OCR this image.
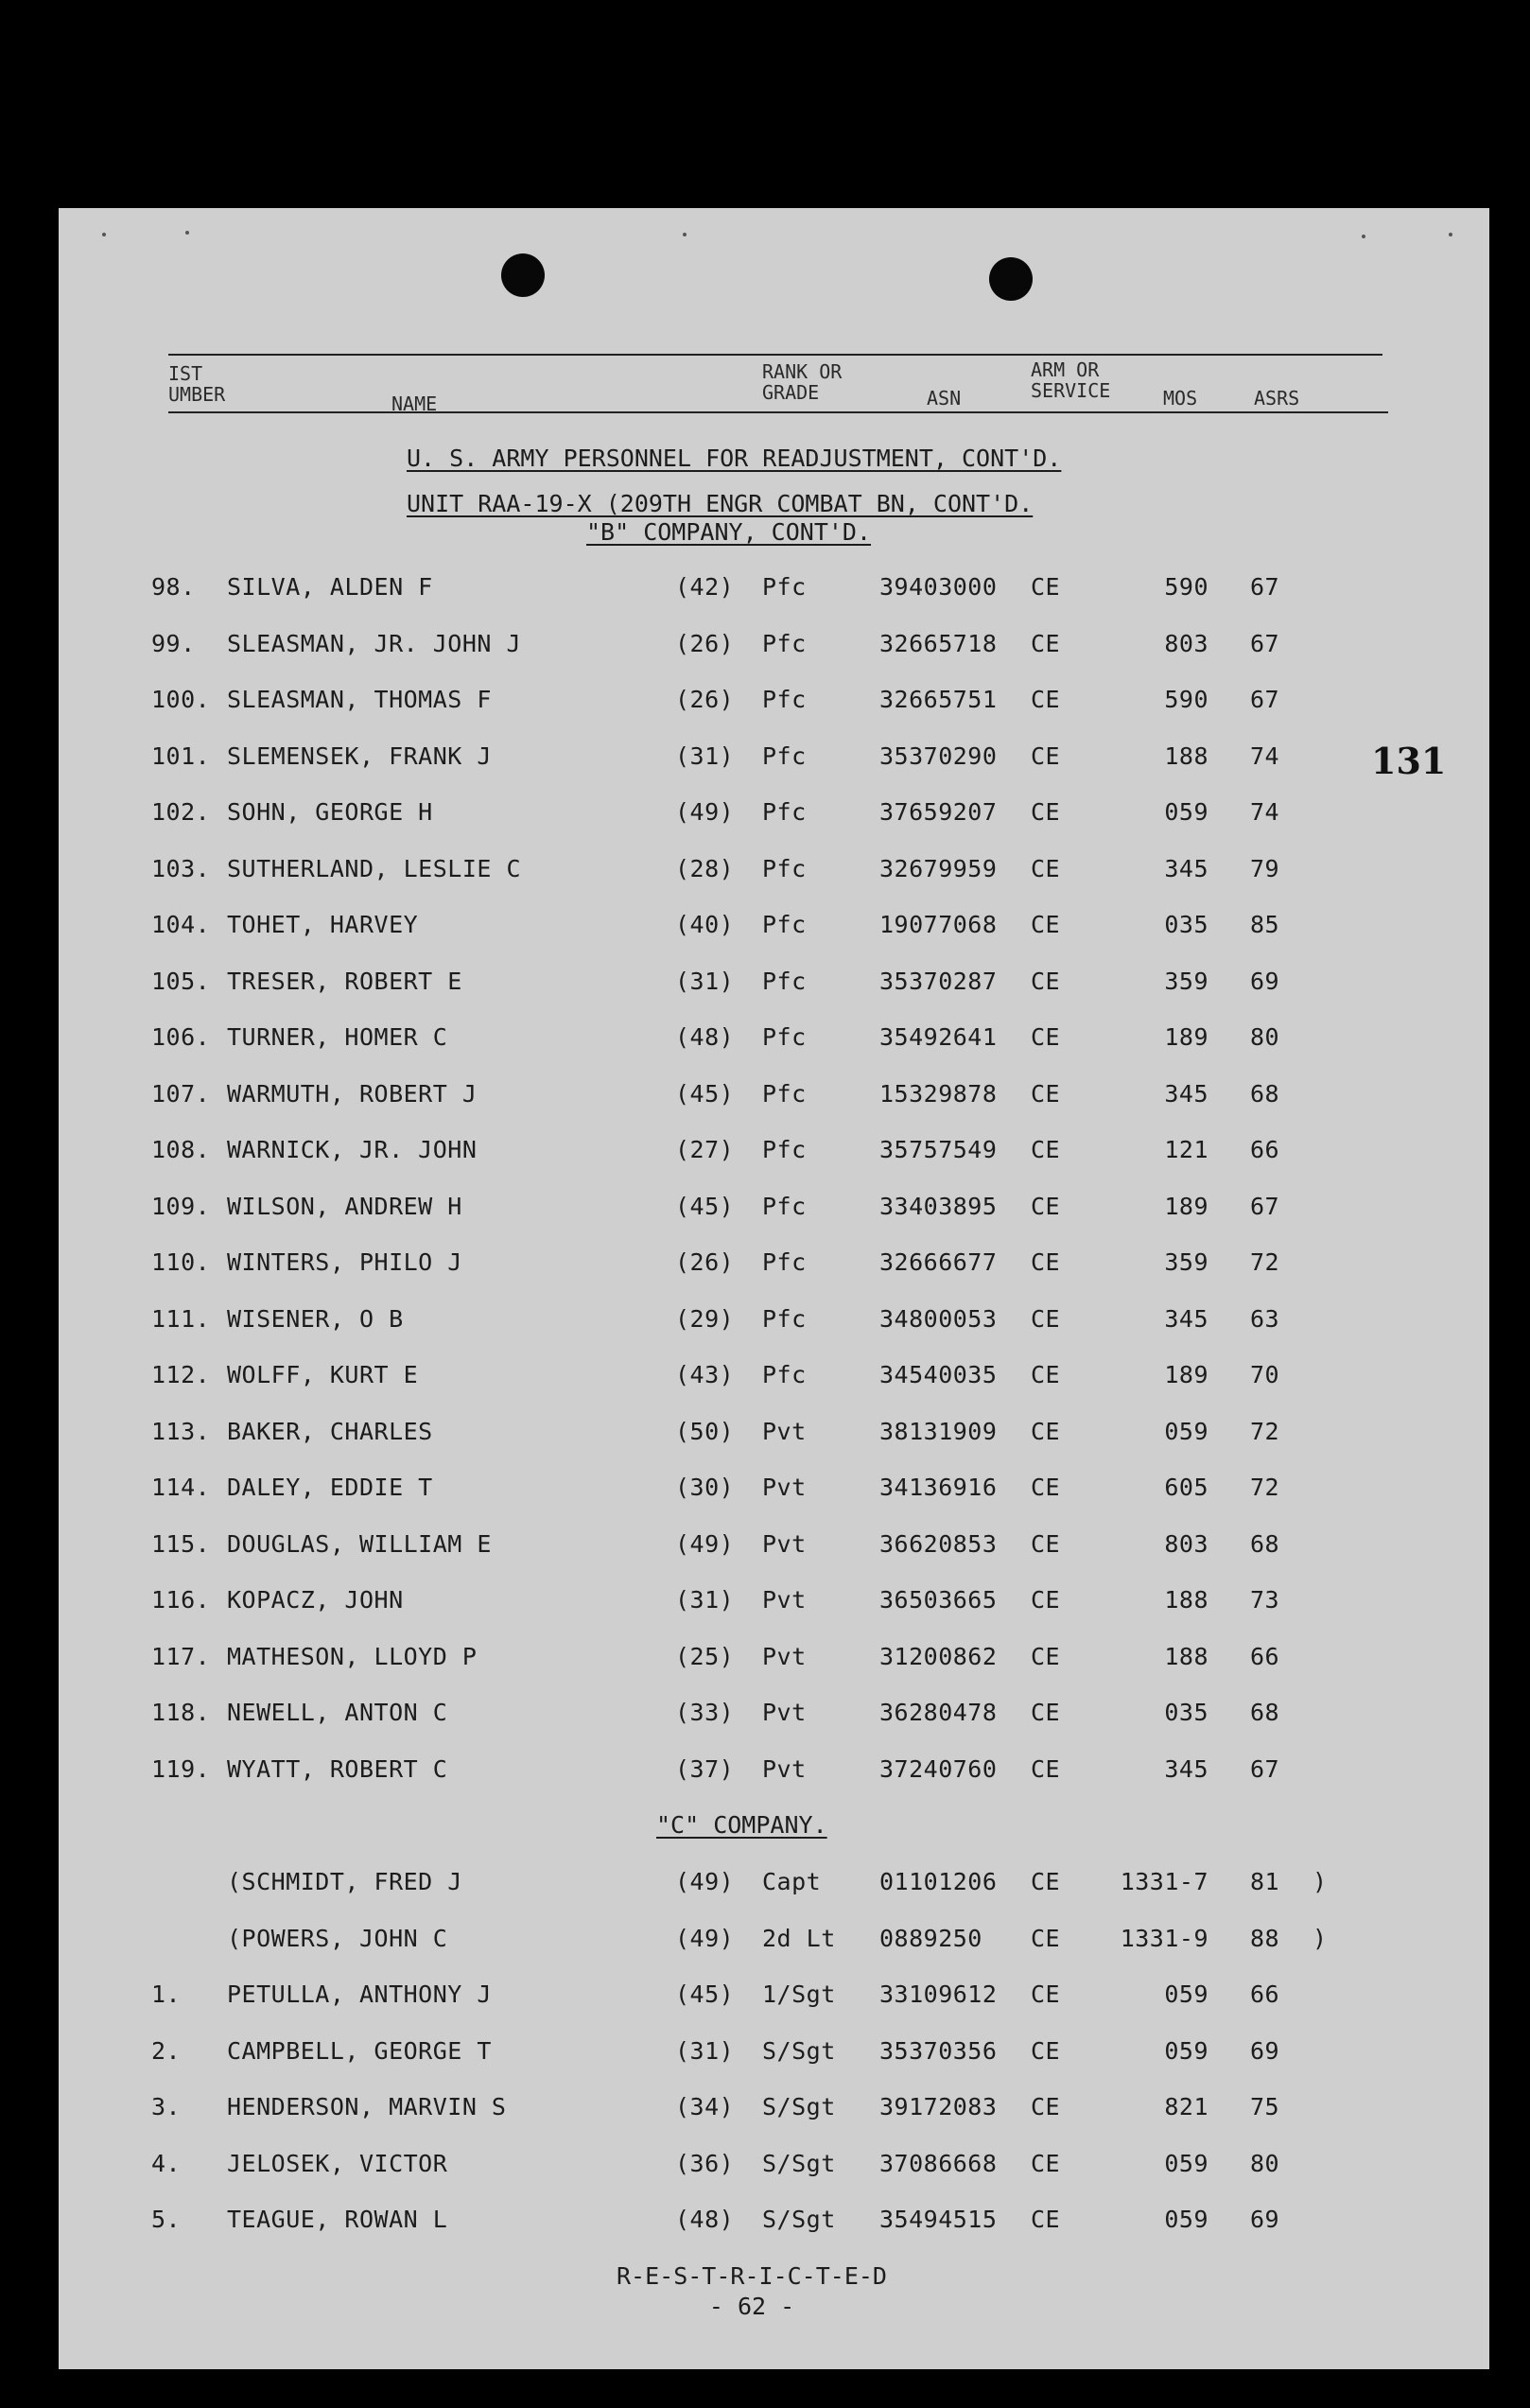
IST
UMBER	NAME
RANK OR
GRADE	ASN
ARM OR
SERVICE	MOS	ASRS
U. S. ARMY PERSONNEL FOR READJUSTMENT, CONT'D.
UNIT RAA-19-X (209TH ENGR COMBAT BN, CONT'D.
"B" COMPANY, CONT'D.
131
98.	SILVA, ALDEN F	(42) Pfc	39403000 CE	590 67
99.	SLEASMAN, JR. JOHN J	(26) Pfc	32665718 CE	803 67
100. SLEASMAN, THOMAS F	(26) Pfc	32665751 CE	590 67
101. SLEMENSEK, FRANK J	(31) Pfc	35370290 CE	188 74
102. SOHN, GEORGE H	(49) Pfc	37659207 CE	059 74
103. SUTHERLAND, LESLIE C	(28) Pfc	32679959 CE	345 79
104. TOHET, HARVEY	(40) Pfc	19077068 CE	035 85
105. TRESER, ROBERT E	(31) Pfc	35370287 CE	359 69
106. TURNER, HOMER C	(48) Pfc	35492641 CE	189 80
107. WARMUTH, ROBERT J	(45) Pfc	15329878 CE	345 68
108. WARNICK, JR. JOHN	(27) Pfc	35757549 CE	121 66
109. WILSON, ANDREW H	(45) Pfc	33403895 CE	189 67
110. WINTERS, PHILO J	(26) Pfc	32666677 CE	359 72
111. WISENER, O B	(29) Pfc	34800053 CE	345 63
112. WOLFF, KURT E	(43) Pfc	34540035 CE	189 70
113. BAKER, CHARLES	(50) Pvt	38131909 CE	059 72
114. DALEY, EDDIE T	(30) Pvt	34136916 CE	605 72
115. DOUGLAS, WILLIAM E	(49) Pvt	36620853 CE	803 68
116. KOPACZ, JOHN	(31) Pvt	36503665 CE	188 73
117. MATHESON, LLOYD P	(25) Pvt	31200862 CE	188 66
118. NEWELL, ANTON C	(33) Pvt	36280478 CE	035 68
119. WYATT, ROBERT C	(37) Pvt	37240760 CE	345 67
"C" COMPANY.
(SCHMIDT, FRED J	(49) Capt 01101206 CE	1331-7 81 )
(POWERS, JOHN C	(49) 2d Lt 0889250 CE	1331-9 88 )
1.	PETULLA, ANTHONY J	(45) 1/Sgt 33109612 CE	059 66
2.	CAMPBELL, GEORGE T	(31) S/Sgt 35370356 CE	059 69
3.	HENDERSON, MARVIN S	(34) S/Sgt 39172083 CE	821 75
4.	JELOSEK, VICTOR	(36) S/Sgt 37086668 CE	059 80
5.	TEAGUE, ROWAN L	(48) S/Sgt 35494515 CE	059 69
R-E-S-T-R-I-C-T-E-D
- 62 -
